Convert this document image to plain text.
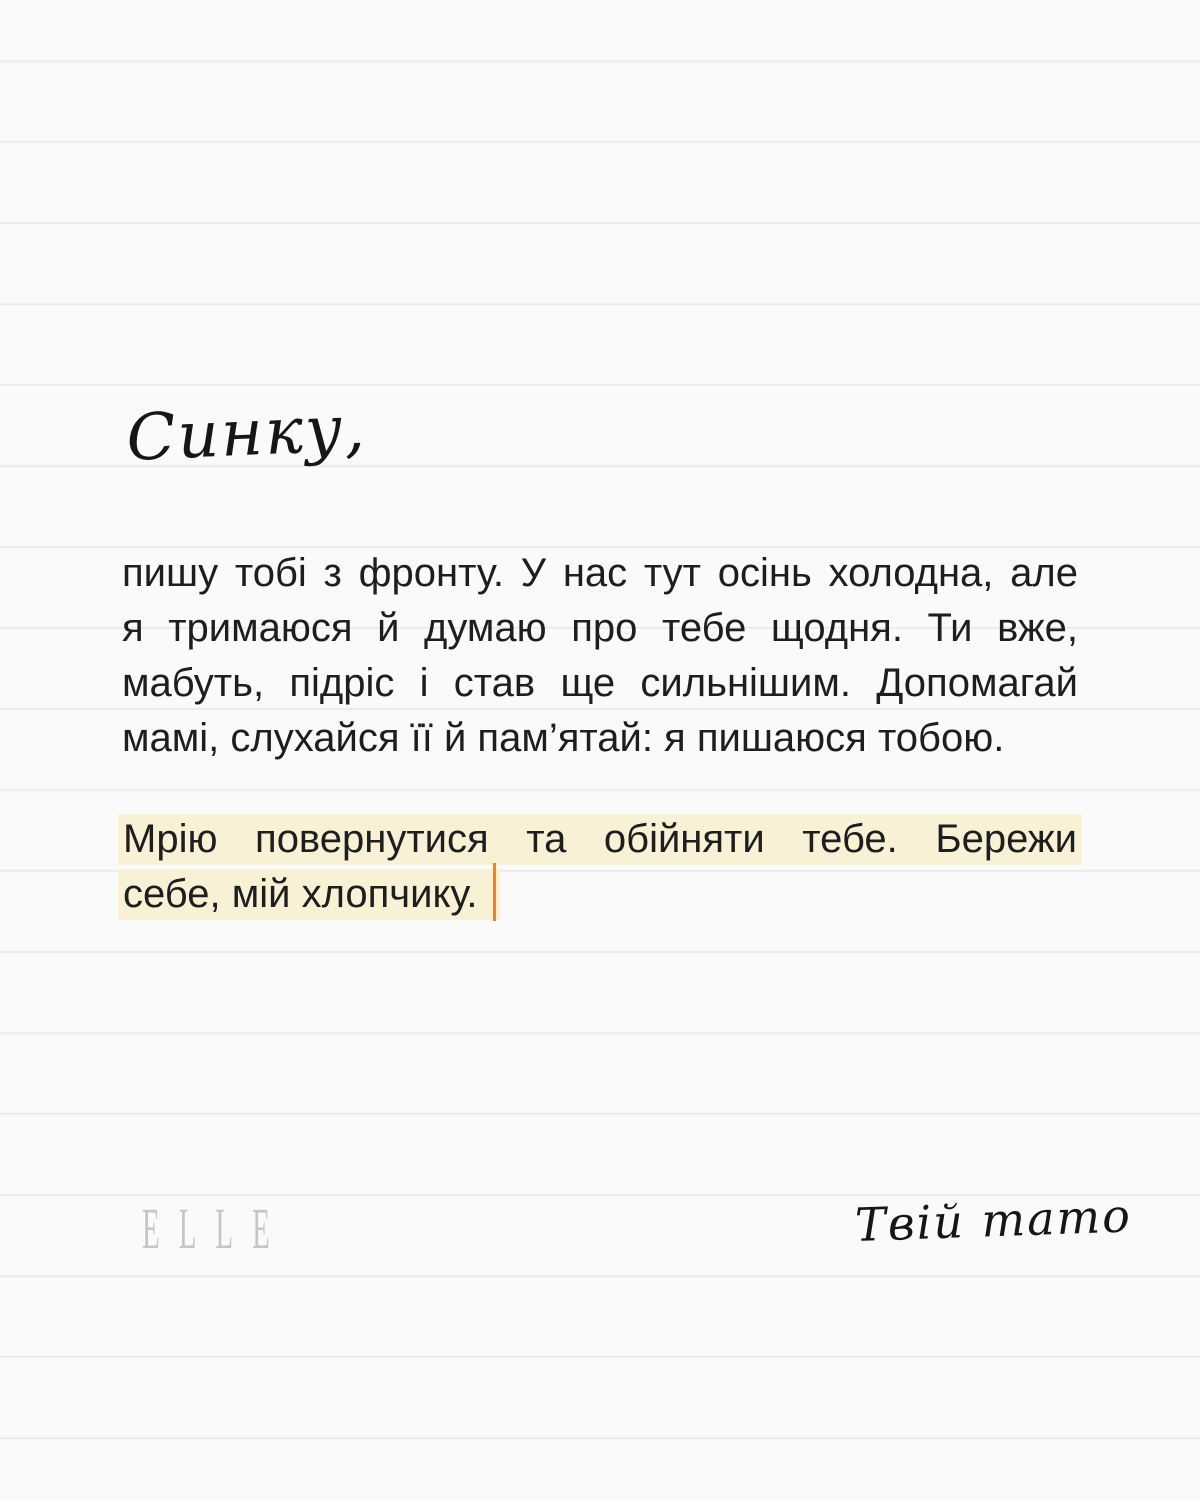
Синку,
пишу тобі з фронту. У нас тут осінь холодна, але
я тримаюся й думаю про тебе щодня. Ти вже,
мабуть, підріс і став ще сильнішим. Допомагай
мамі, слухайся її й пам’ятай: я пишаюся тобою.
Мрію повернутися та обійняти тебе. Бережи
себе, мій хлопчику.
ELLE	Твій тато
